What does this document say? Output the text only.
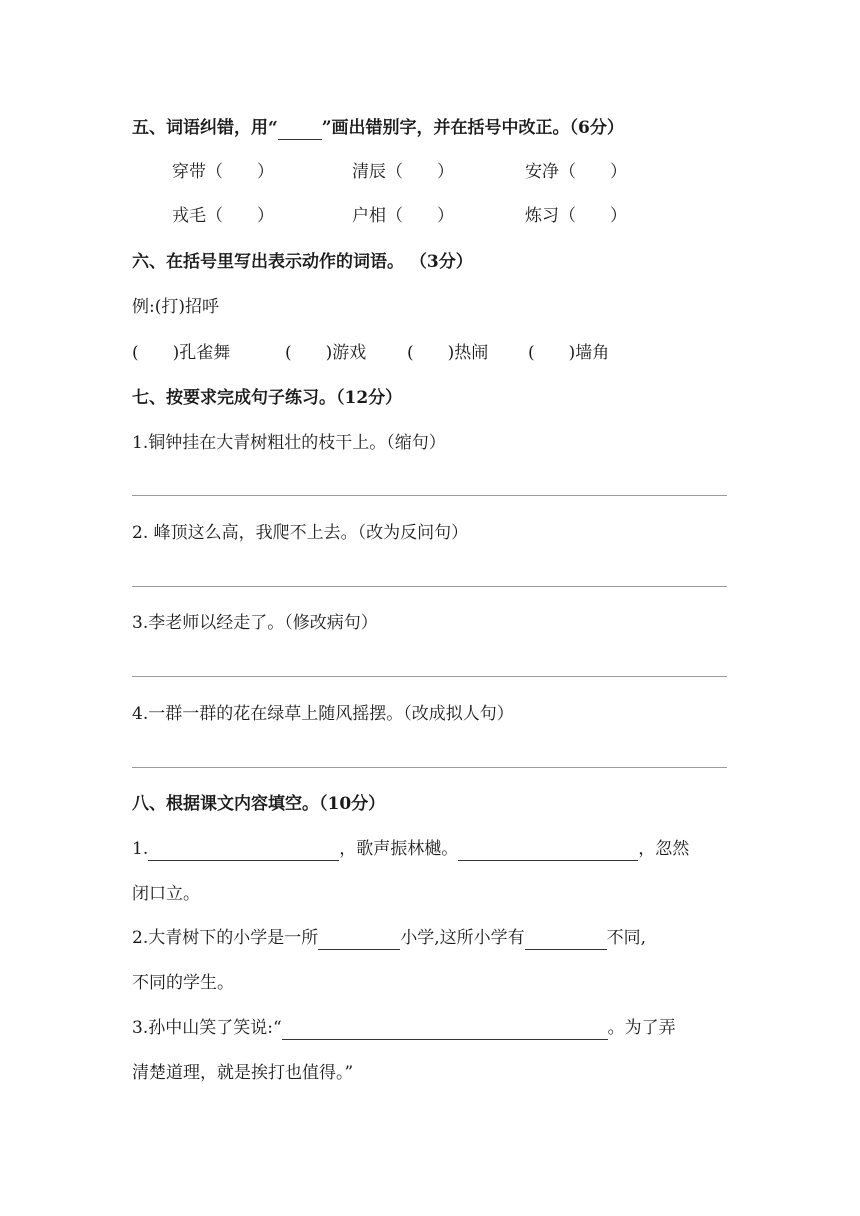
五、词语纠错，用“	”画出错别字，并在括号中改正。（6分）
穿带（　　）	清辰（　　）	安净（　　）
戎毛（　　）	户相（　　）	炼习（　　）
六、在括号里写出表示动作的词语。 （3分）
例:(打)招呼
(　　)孔雀舞	(　　)游戏 (　　)热闹 (　　)墙角
七、按要求完成句子练习。（12分）
1.铜钟挂在大青树粗壮的枝干上。（缩句）
2. 峰顶这么高，我爬不上去。（改为反问句）
3.李老师以经走了。（修改病句）
4.一群一群的花在绿草上随风摇摆。（改成拟人句）
八、根据课文内容填空。（10分）
1.	，歌声振林樾。	，忽然
闭口立。
2.大青树下的小学是一所	小学,这所小学有	不同,
不同的学生。
3.孙中山笑了笑说:“	。为了弄
清楚道理，就是挨打也值得。”
